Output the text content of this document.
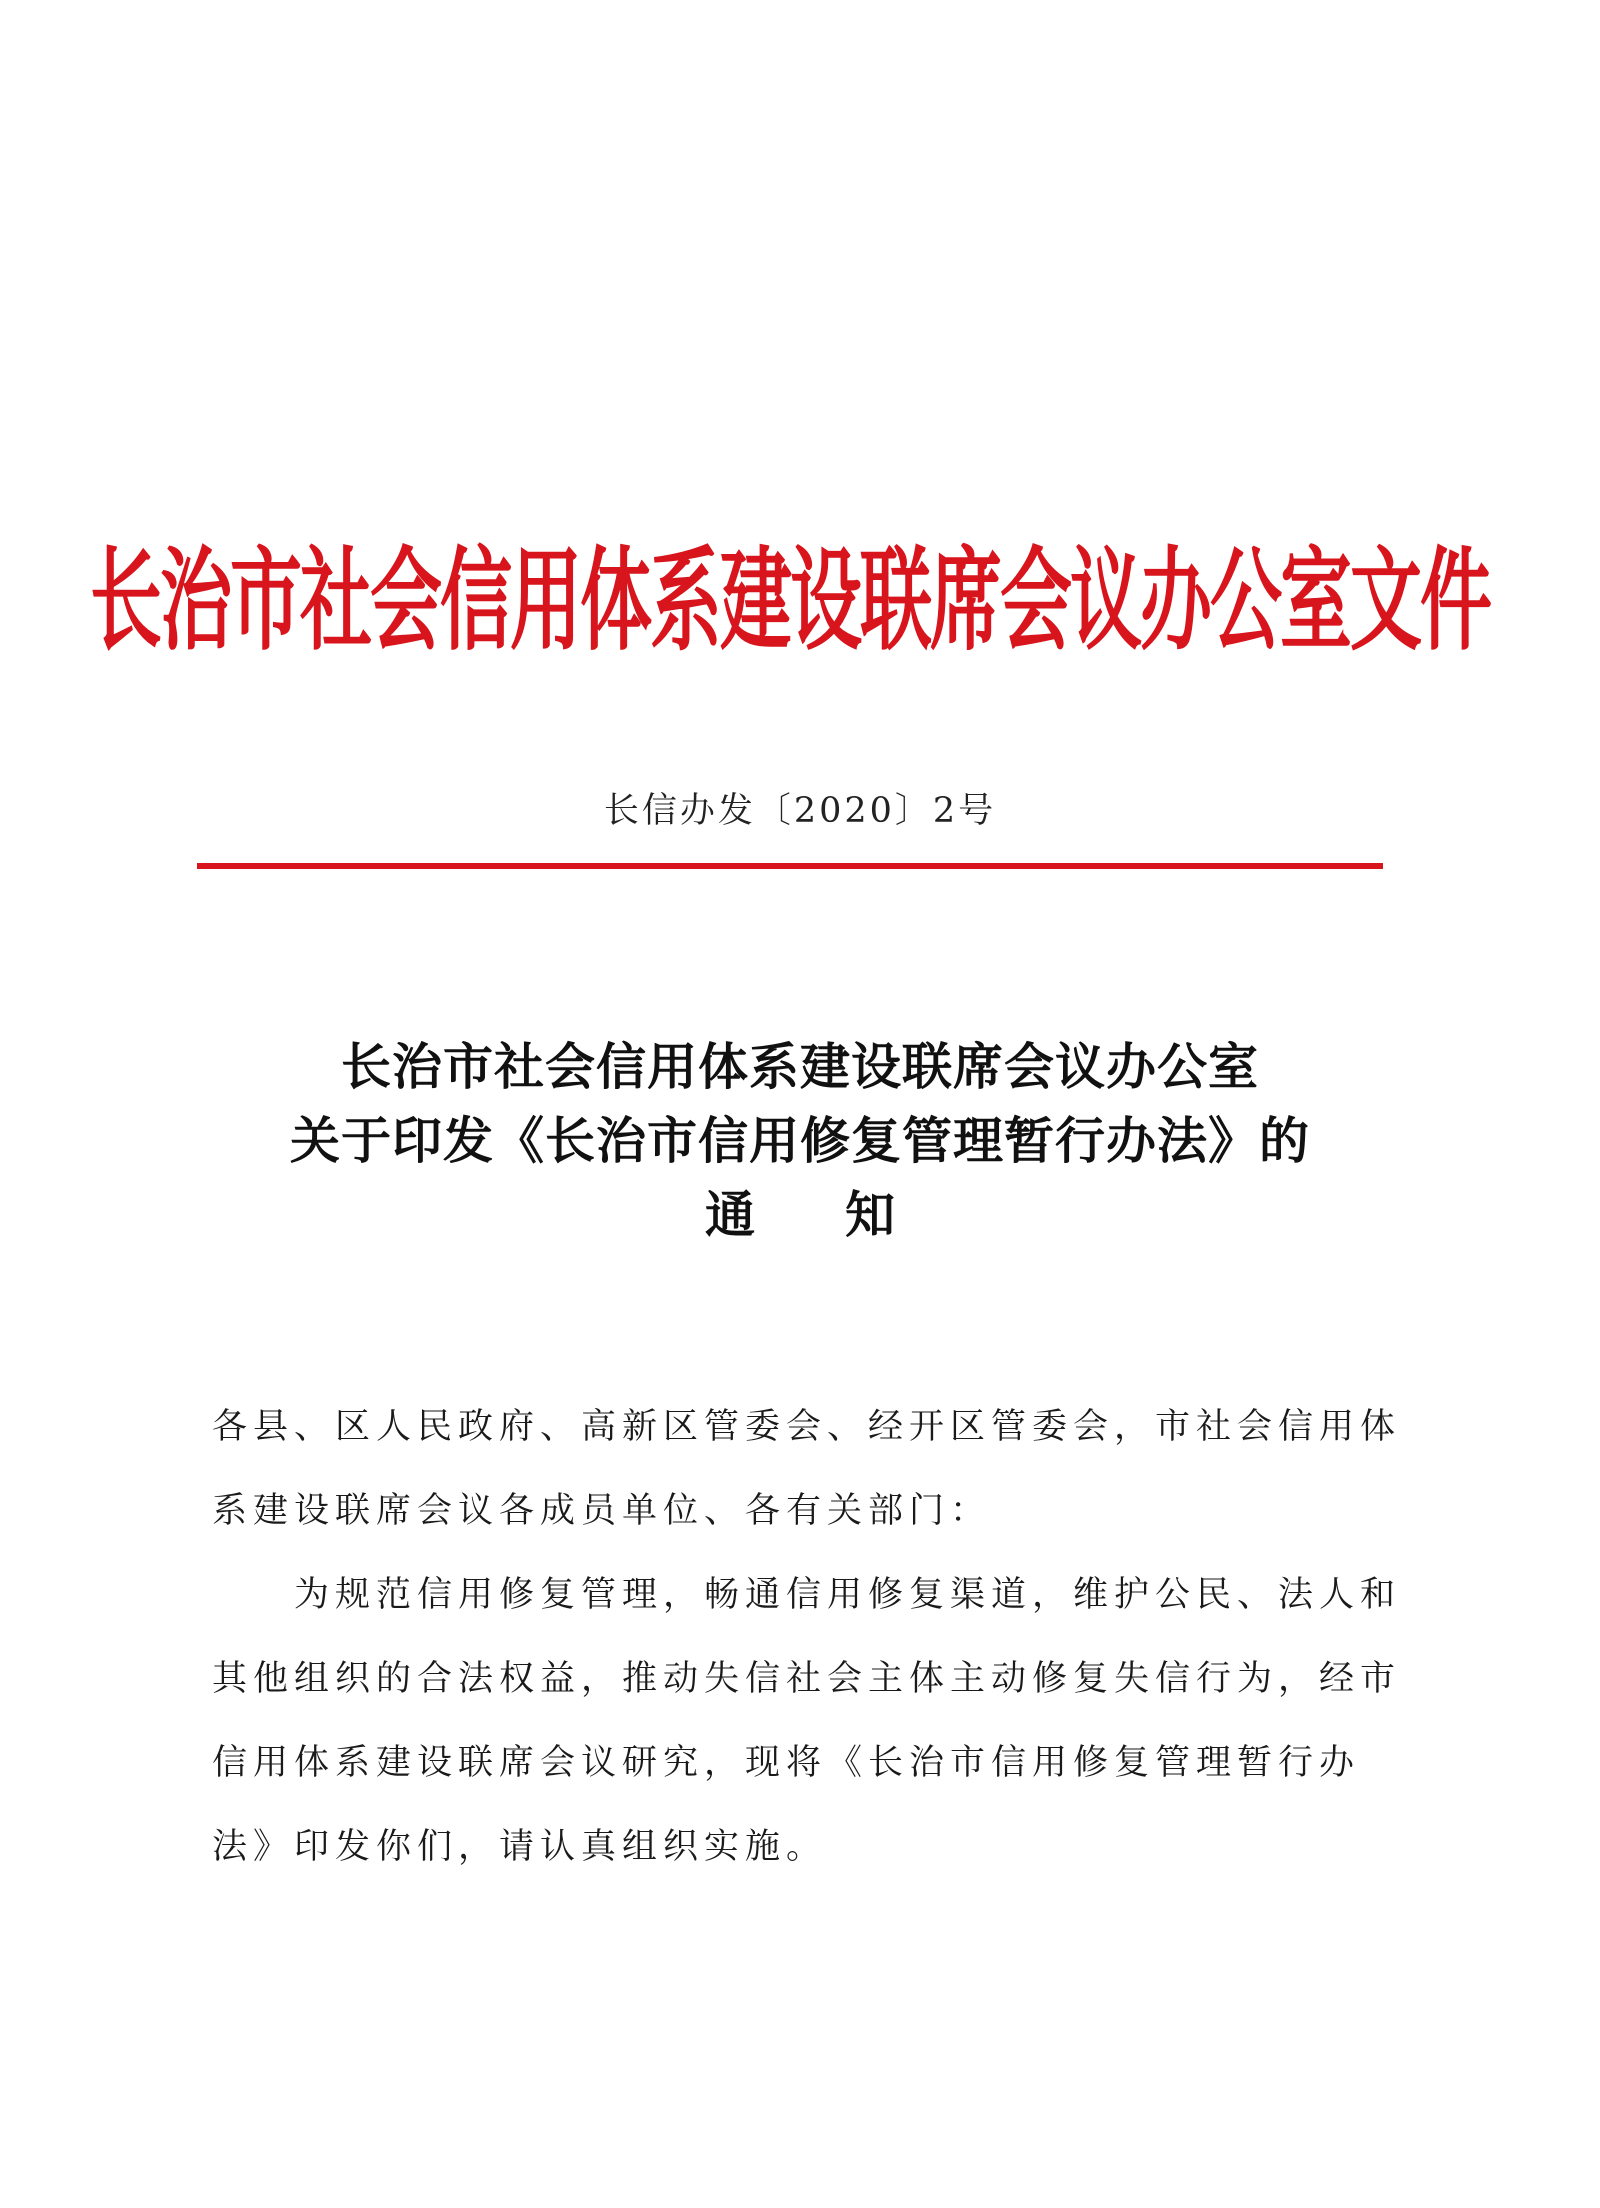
长治市社会信用体系建设联席会议办公室文件
长信办发〔2020〕2号
长治市社会信用体系建设联席会议办公室
关于印发《长治市信用修复管理暂行办法》的
通知

各县、区人民政府、高新区管委会、经开区管委会，市社会信用体系建设联席会议各成员单位、各有关部门：

为规范信用修复管理，畅通信用修复渠道，维护公民、法人和其他组织的合法权益，推动失信社会主体主动修复失信行为，经市信用体系建设联席会议研究，现将《长治市信用修复管理暂行办法》印发你们，请认真组织实施。
